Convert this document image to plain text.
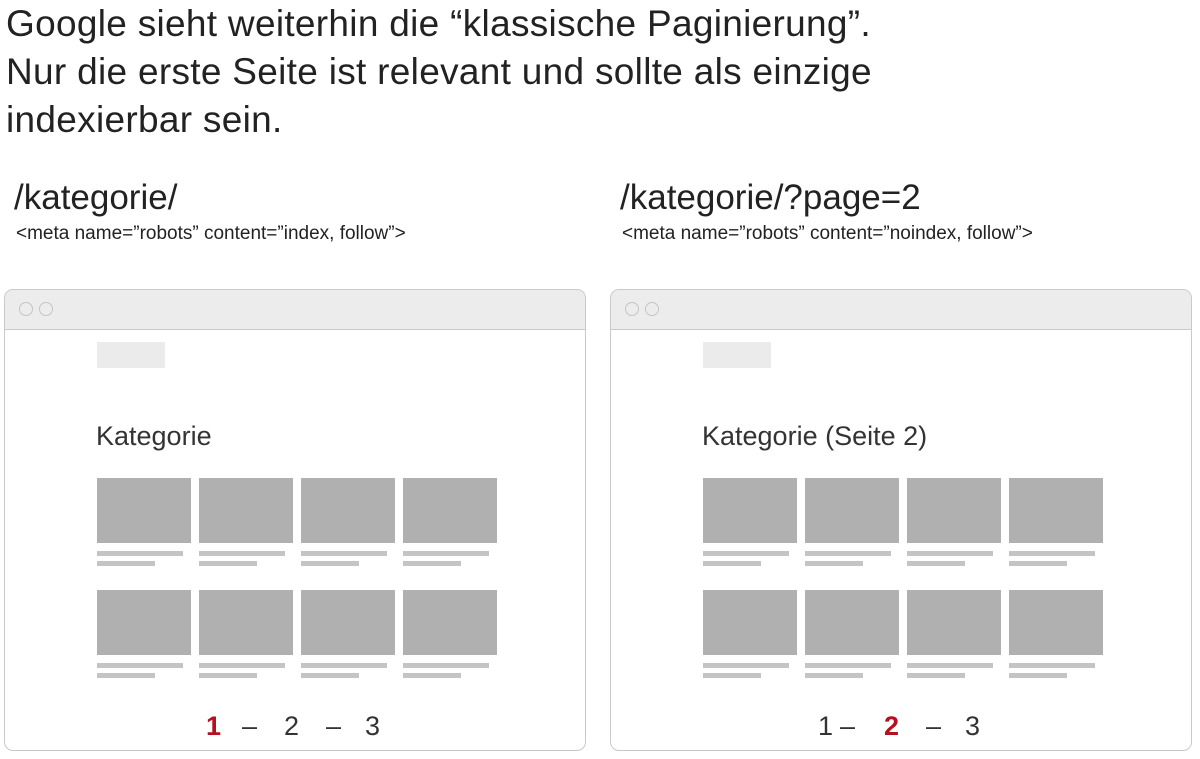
Google sieht weiterhin die “klassische Paginierung”.
Nur die erste Seite ist relevant und sollte als einzige
indexierbar sein.
/kategorie/
<meta name=”robots” content=”index, follow”>
Kategorie
1 – 2 – 3
/kategorie/?page=2
<meta name=”robots” content=”noindex, follow”>
Kategorie (Seite 2)
1 – 2 – 3
